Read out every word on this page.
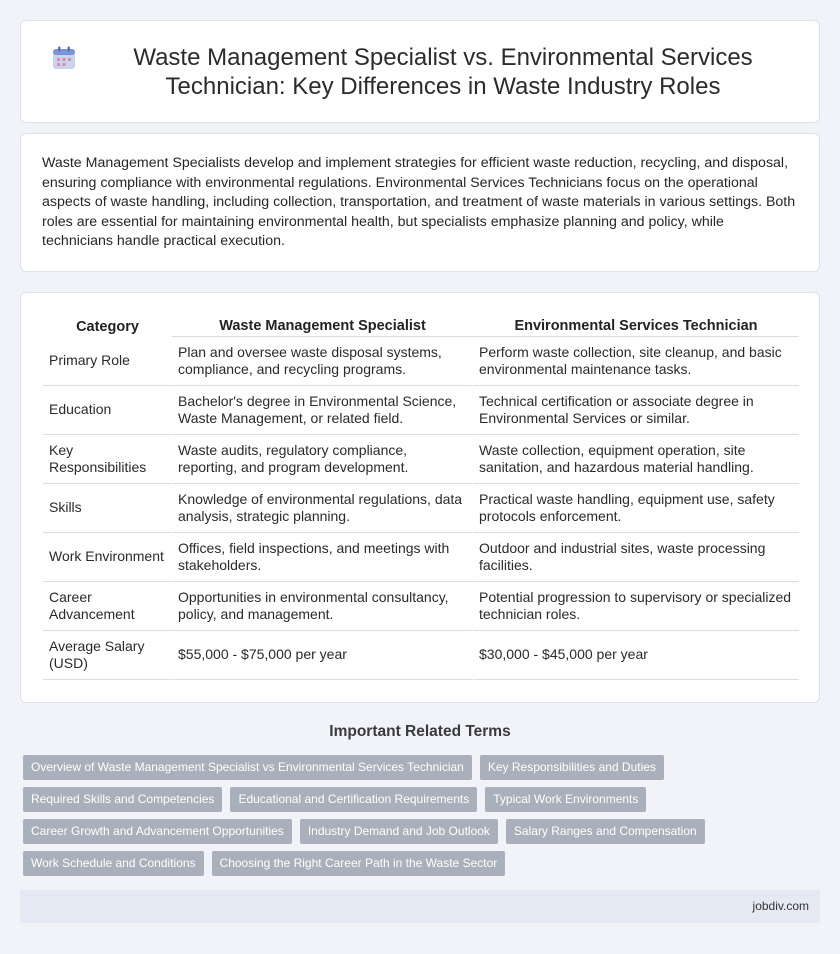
Waste Management Specialist vs. Environmental Services Technician: Key Differences in Waste Industry Roles

Waste Management Specialists develop and implement strategies for efficient waste reduction, recycling, and disposal, ensuring compliance with environmental regulations. Environmental Services Technicians focus on the operational aspects of waste handling, including collection, transportation, and treatment of waste materials in various settings. Both roles are essential for maintaining environmental health, but specialists emphasize planning and policy, while technicians handle practical execution.

Category	Waste Management Specialist	Environmental Services Technician
Primary Role	Plan and oversee waste disposal systems, compliance, and recycling programs.	Perform waste collection, site cleanup, and basic environmental maintenance tasks.
Education	Bachelor's degree in Environmental Science, Waste Management, or related field.	Technical certification or associate degree in Environmental Services or similar.
Key Responsibilities	Waste audits, regulatory compliance, reporting, and program development.	Waste collection, equipment operation, site sanitation, and hazardous material handling.
Skills	Knowledge of environmental regulations, data analysis, strategic planning.	Practical waste handling, equipment use, safety protocols enforcement.
Work Environment	Offices, field inspections, and meetings with stakeholders.	Outdoor and industrial sites, waste processing facilities.
Career Advancement	Opportunities in environmental consultancy, policy, and management.	Potential progression to supervisory or specialized technician roles.
Average Salary (USD)	$55,000 - $75,000 per year	$30,000 - $45,000 per year
Important Related Terms
Overview of Waste Management Specialist vs Environmental Services Technician	Key Responsibilities and Duties
Required Skills and Competencies	Educational and Certification Requirements	Typical Work Environments
Career Growth and Advancement Opportunities	Industry Demand and Job Outlook	Salary Ranges and Compensation
Work Schedule and Conditions	Choosing the Right Career Path in the Waste Sector
jobdiv.com
